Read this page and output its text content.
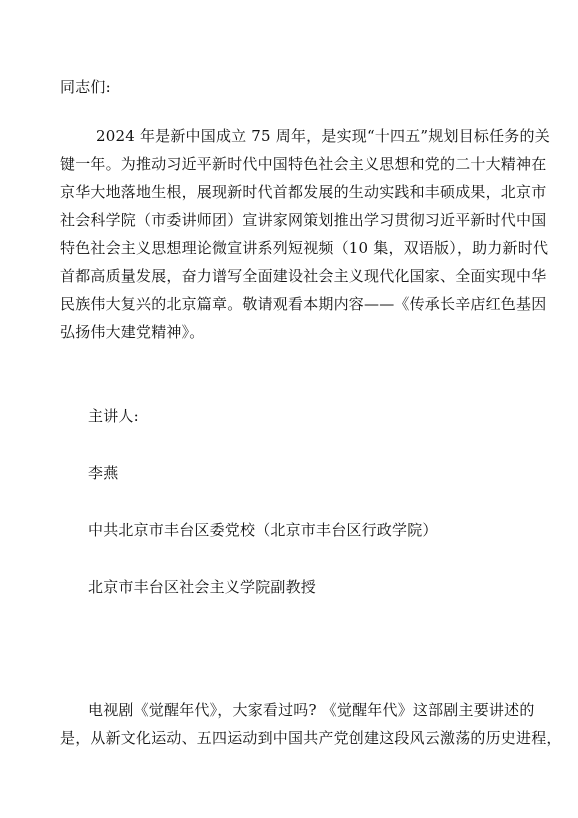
同志们:
2024 年是新中国成立 75 周年，是实现“十四五”规划目标任务的关
键一年。为推动习近平新时代中国特色社会主义思想和党的二十大精神在
京华大地落地生根，展现新时代首都发展的生动实践和丰硕成果，北京市
社会科学院（市委讲师团）宣讲家网策划推出学习贯彻习近平新时代中国
特色社会主义思想理论微宣讲系列短视频（10 集，双语版），助力新时代
首都高质量发展，奋力谱写全面建设社会主义现代化国家、全面实现中华
民族伟大复兴的北京篇章。敬请观看本期内容——《传承长辛店红色基因
弘扬伟大建党精神》。
主讲人:
李燕
中共北京市丰台区委党校（北京市丰台区行政学院）
北京市丰台区社会主义学院副教授
电视剧《觉醒年代》，大家看过吗? 《觉醒年代》这部剧主要讲述的
是，从新文化运动、五四运动到中国共产党创建这段风云激荡的历史进程，
